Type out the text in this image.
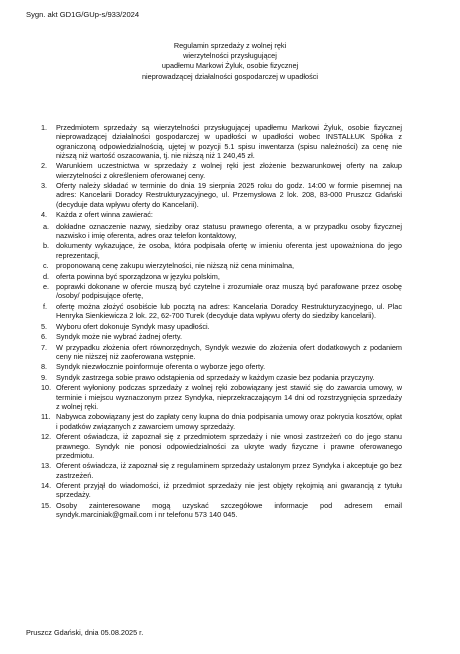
Sygn. akt GD1G/GUp-s/933/2024
Regulamin sprzedaży z wolnej ręki
wierzytelności przysługującej
upadłemu Markowi Żyluk, osobie fizycznej
nieprowadzącej działalności gospodarczej w upadłości
1. Przedmiotem sprzedaży są wierzytelności przysługującej upadłemu Markowi Żyluk, osobie fizycznej nieprowadzącej działalności gospodarczej w upadłości w upadłości wobec INSTALŁUK Spółka z ograniczoną odpowiedzialnością, ujętej w pozycji 5.1 spisu inwentarza (spisu należności) za cenę nie niższą niż wartość oszacowania, tj. nie niższą niż 1 240,45 zł.
2. Warunkiem uczestnictwa w sprzedaży z wolnej ręki jest złożenie bezwarunkowej oferty na zakup wierzytelności z określeniem oferowanej ceny.
3. Oferty należy składać w terminie do dnia 19 sierpnia 2025 roku do godz. 14:00 w formie pisemnej na adres: Kancelarii Doradcy Restrukturyzacyjnego, ul. Przemysłowa 2 lok. 208, 83-000 Pruszcz Gdański (decyduje data wpływu oferty do Kancelarii).
4. Każda z ofert winna zawierać:
a. dokładne oznaczenie nazwy, siedziby oraz statusu prawnego oferenta, a w przypadku osoby fizycznej nazwisko i imię oferenta, adres oraz telefon kontaktowy,
b. dokumenty wykazujące, że osoba, która podpisała ofertę w imieniu oferenta jest upoważniona do jego reprezentacji,
c. proponowaną cenę zakupu wierzytelności, nie niższą niż cena minimalna,
d. oferta powinna być sporządzona w języku polskim,
e. poprawki dokonane w ofercie muszą być czytelne i zrozumiałe oraz muszą być parafowane przez osobę /osoby/ podpisujące ofertę,
f. ofertę można złożyć osobiście lub pocztą na adres: Kancelaria Doradcy Restrukturyzacyjnego, ul. Plac Henryka Sienkiewicza 2 lok. 22, 62-700 Turek (decyduje data wpływu oferty do siedziby kancelarii).
5. Wyboru ofert dokonuje Syndyk masy upadłości.
6. Syndyk może nie wybrać żadnej oferty.
7. W przypadku złożenia ofert równorzędnych, Syndyk wezwie do złożenia ofert dodatkowych z podaniem ceny nie niższej niż zaoferowana wstępnie.
8. Syndyk niezwłocznie poinformuje oferenta o wyborze jego oferty.
9. Syndyk zastrzega sobie prawo odstąpienia od sprzedaży w każdym czasie bez podania przyczyny.
10. Oferent wyłoniony podczas sprzedaży z wolnej ręki zobowiązany jest stawić się do zawarcia umowy, w terminie i miejscu wyznaczonym przez Syndyka, nieprzekraczającym 14 dni od rozstrzygnięcia sprzedaży z wolnej ręki.
11. Nabywca zobowiązany jest do zapłaty ceny kupna do dnia podpisania umowy oraz pokrycia kosztów, opłat i podatków związanych z zawarciem umowy sprzedaży.
12. Oferent oświadcza, iż zapoznał się z przedmiotem sprzedaży i nie wnosi zastrzeżeń co do jego stanu prawnego. Syndyk nie ponosi odpowiedzialności za ukryte wady fizyczne i prawne oferowanego przedmiotu.
13. Oferent oświadcza, iż zapoznał się z regulaminem sprzedaży ustalonym przez Syndyka i akceptuje go bez zastrzeżeń.
14. Oferent przyjął do wiadomości, iż przedmiot sprzedaży nie jest objęty rękojmią ani gwarancją z tytułu sprzedaży.
15. Osoby zainteresowane mogą uzyskać szczegółowe informacje pod adresem email syndyk.marciniak@gmail.com i nr telefonu 573 140 045.
Pruszcz Gdański, dnia 05.08.2025 r.
